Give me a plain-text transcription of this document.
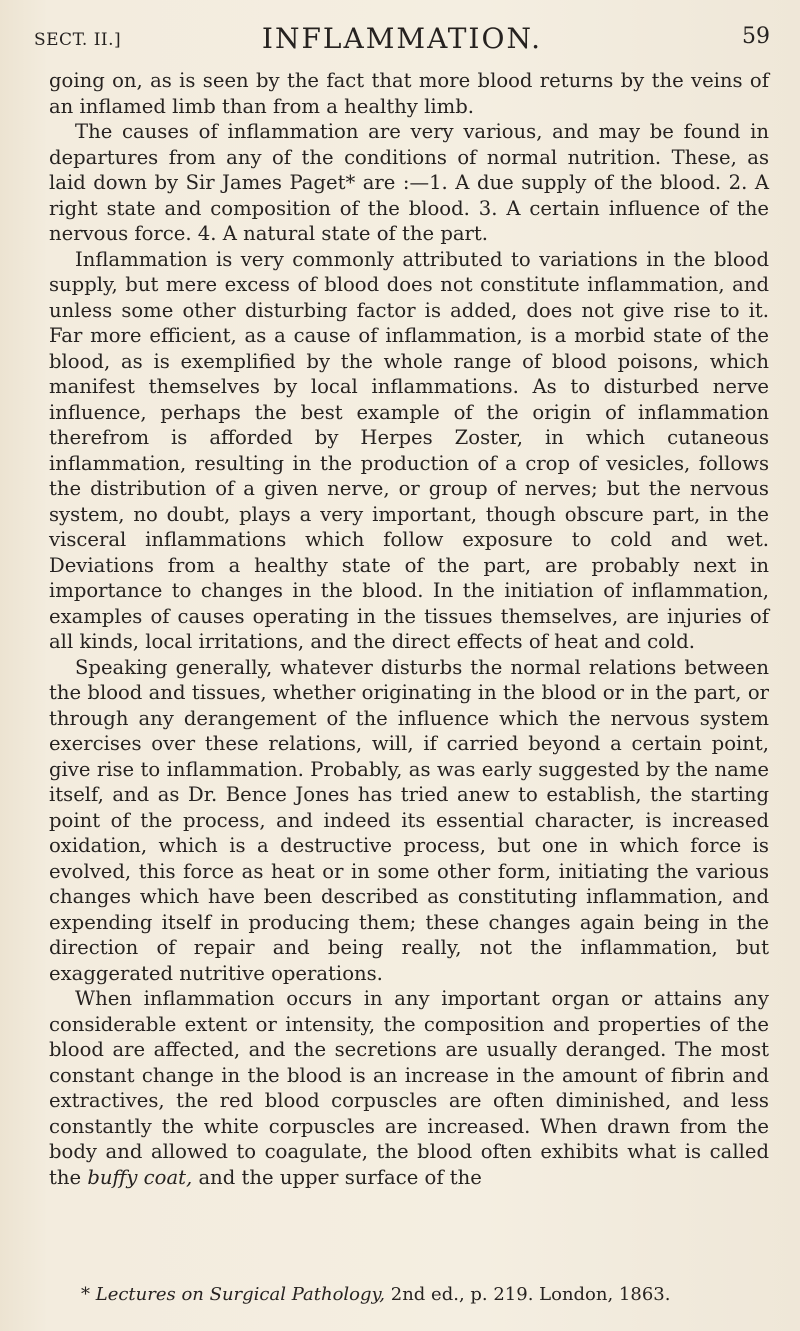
SECT. II.]	INFLAMMATION.	59

going on, as is seen by the fact that more blood returns by the veins of an inflamed limb than from a healthy limb.

The causes of inflammation are very various, and may be found in departures from any of the conditions of normal nutrition. These, as laid down by Sir James Paget* are :—1. A due supply of the blood. 2. A right state and composition of the blood. 3. A certain influence of the nervous force. 4. A natural state of the part.

Inflammation is very commonly attributed to variations in the blood supply, but mere excess of blood does not constitute inflammation, and unless some other disturbing factor is added, does not give rise to it. Far more efficient, as a cause of inflammation, is a morbid state of the blood, as is exemplified by the whole range of blood poisons, which manifest themselves by local inflammations. As to disturbed nerve influence, perhaps the best example of the origin of inflammation therefrom is afforded by Herpes Zoster, in which cutaneous inflammation, resulting in the production of a crop of vesicles, follows the distribution of a given nerve, or group of nerves; but the nervous system, no doubt, plays a very important, though obscure part, in the visceral inflammations which follow exposure to cold and wet. Deviations from a healthy state of the part, are probably next in importance to changes in the blood. In the initiation of inflammation, examples of causes operating in the tissues themselves, are injuries of all kinds, local irritations, and the direct effects of heat and cold.

Speaking generally, whatever disturbs the normal relations between the blood and tissues, whether originating in the blood or in the part, or through any derangement of the influence which the nervous system exercises over these relations, will, if carried beyond a certain point, give rise to inflammation. Probably, as was early suggested by the name itself, and as Dr. Bence Jones has tried anew to establish, the starting point of the process, and indeed its essential character, is increased oxidation, which is a destructive process, but one in which force is evolved, this force as heat or in some other form, initiating the various changes which have been described as constituting inflammation, and expending itself in producing them; these changes again being in the direction of repair and being really, not the inflammation, but exaggerated nutritive operations.

When inflammation occurs in any important organ or attains any considerable extent or intensity, the composition and properties of the blood are affected, and the secretions are usually deranged. The most constant change in the blood is an increase in the amount of fibrin and extractives, the red blood corpuscles are often diminished, and less constantly the white corpuscles are increased. When drawn from the body and allowed to coagulate, the blood often exhibits what is called the buffy coat, and the upper surface of the

* Lectures on Surgical Pathology, 2nd ed., p. 219. London, 1863.
